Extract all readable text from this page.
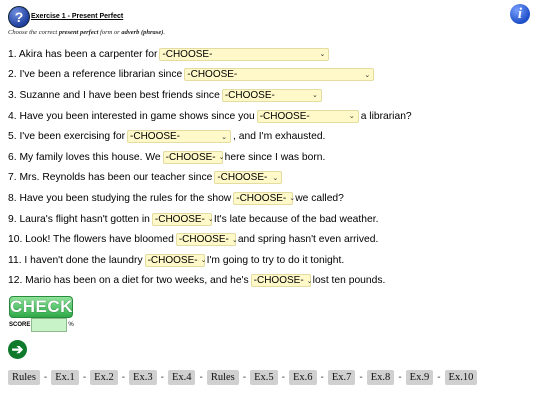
?	Exercise 1 - Present Perfect
Choose the correct present perfect form or adverb (phrase).
i
1. Akira has been a carpenter for -CHOOSE-	⌄
2. I've been a reference librarian since -CHOOSE-	⌄
3. Suzanne and I have been best friends since -CHOOSE-	⌄
4. Have you been interested in game shows since you -CHOOSE-	⌄ a librarian?
5. I've been exercising for -CHOOSE-	⌄ , and I'm exhausted.
6. My family loves this house. We -CHOOSE- ⌄ here since I was born.
7. Mrs. Reynolds has been our teacher since -CHOOSE- ⌄
8. Have you been studying the rules for the show -CHOOSE- ⌄ we called?
9. Laura's flight hasn't gotten in -CHOOSE- ⌄ It's late because of the bad weather.
10. Look! The flowers have bloomed -CHOOSE- ⌄ and spring hasn't even arrived.
11. I haven't done the laundry -CHOOSE- ⌄ I'm going to try to do it tonight.
12. Mario has been on a diet for two weeks, and he's -CHOOSE- ⌄ lost ten pounds.
CHECK
SCORE	%
➔
Rules - Ex.1 - Ex.2 - Ex.3 - Ex.4 - Rules - Ex.5 - Ex.6 - Ex.7 - Ex.8 - Ex.9 - Ex.10
